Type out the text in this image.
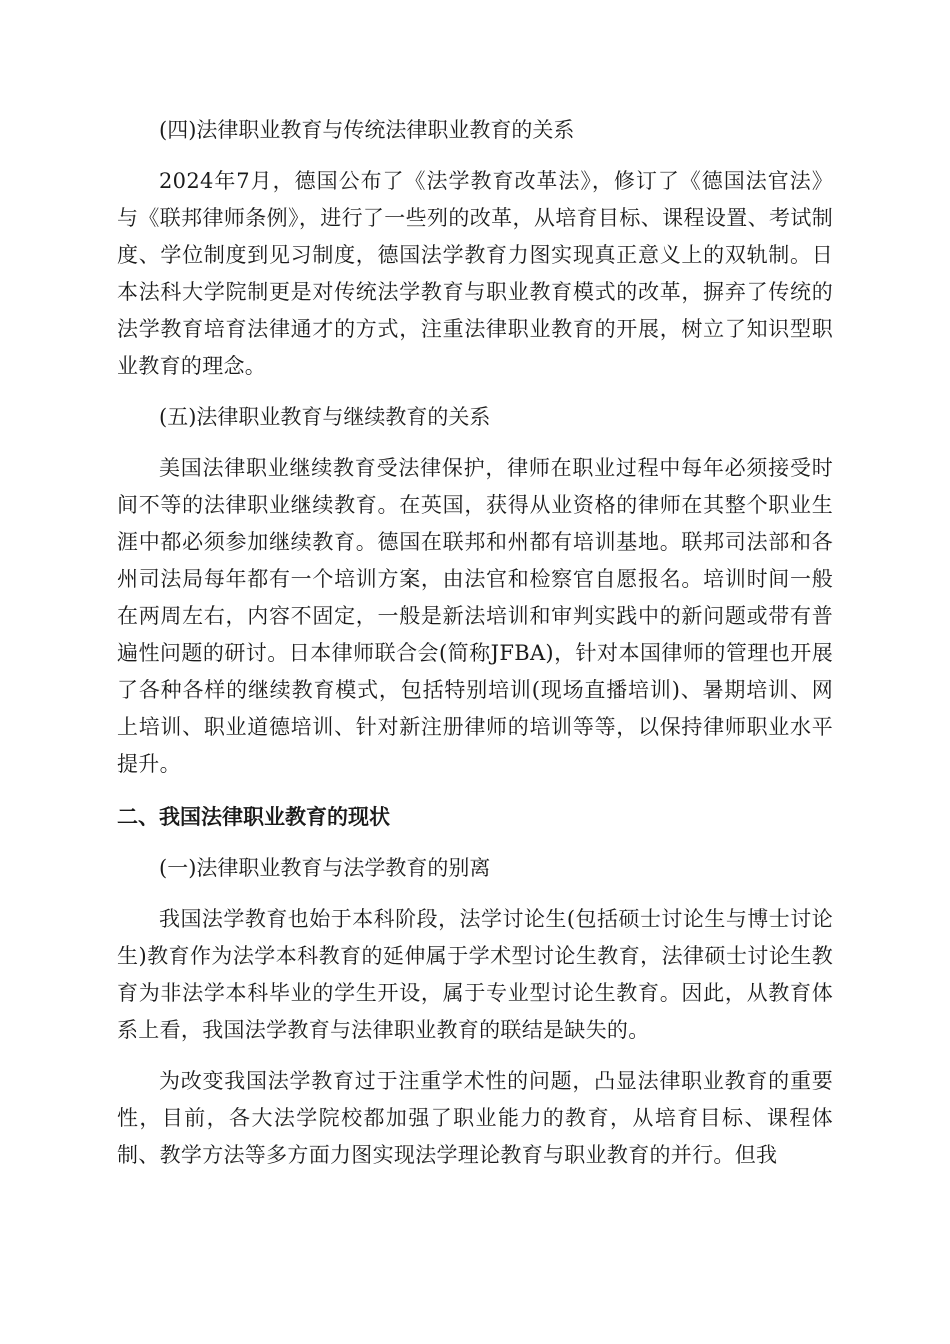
(四)法律职业教育与传统法律职业教育的关系

2024年7月，德国公布了《法学教育改革法》，修订了《德国法官法》与《联邦律师条例》，进行了一些列的改革，从培育目标、课程设置、考试制度、学位制度到见习制度，德国法学教育力图实现真正意义上的双轨制。日本法科大学院制更是对传统法学教育与职业教育模式的改革，摒弃了传统的法学教育培育法律通才的方式，注重法律职业教育的开展，树立了知识型职业教育的理念。

(五)法律职业教育与继续教育的关系

美国法律职业继续教育受法律保护，律师在职业过程中每年必须接受时间不等的法律职业继续教育。在英国，获得从业资格的律师在其整个职业生涯中都必须参加继续教育。德国在联邦和州都有培训基地。联邦司法部和各州司法局每年都有一个培训方案，由法官和检察官自愿报名。培训时间一般在两周左右，内容不固定，一般是新法培训和审判实践中的新问题或带有普遍性问题的研讨。日本律师联合会(简称JFBA)，针对本国律师的管理也开展了各种各样的继续教育模式，包括特别培训(现场直播培训)、暑期培训、网上培训、职业道德培训、针对新注册律师的培训等等，以保持律师职业水平提升。

二、我国法律职业教育的现状

(一)法律职业教育与法学教育的别离

我国法学教育也始于本科阶段，法学讨论生(包括硕士讨论生与博士讨论生)教育作为法学本科教育的延伸属于学术型讨论生教育，法律硕士讨论生教育为非法学本科毕业的学生开设，属于专业型讨论生教育。因此，从教育体系上看，我国法学教育与法律职业教育的联结是缺失的。

为改变我国法学教育过于注重学术性的问题，凸显法律职业教育的重要性，目前，各大法学院校都加强了职业能力的教育，从培育目标、课程体制、教学方法等多方面力图实现法学理论教育与职业教育的并行。但我
